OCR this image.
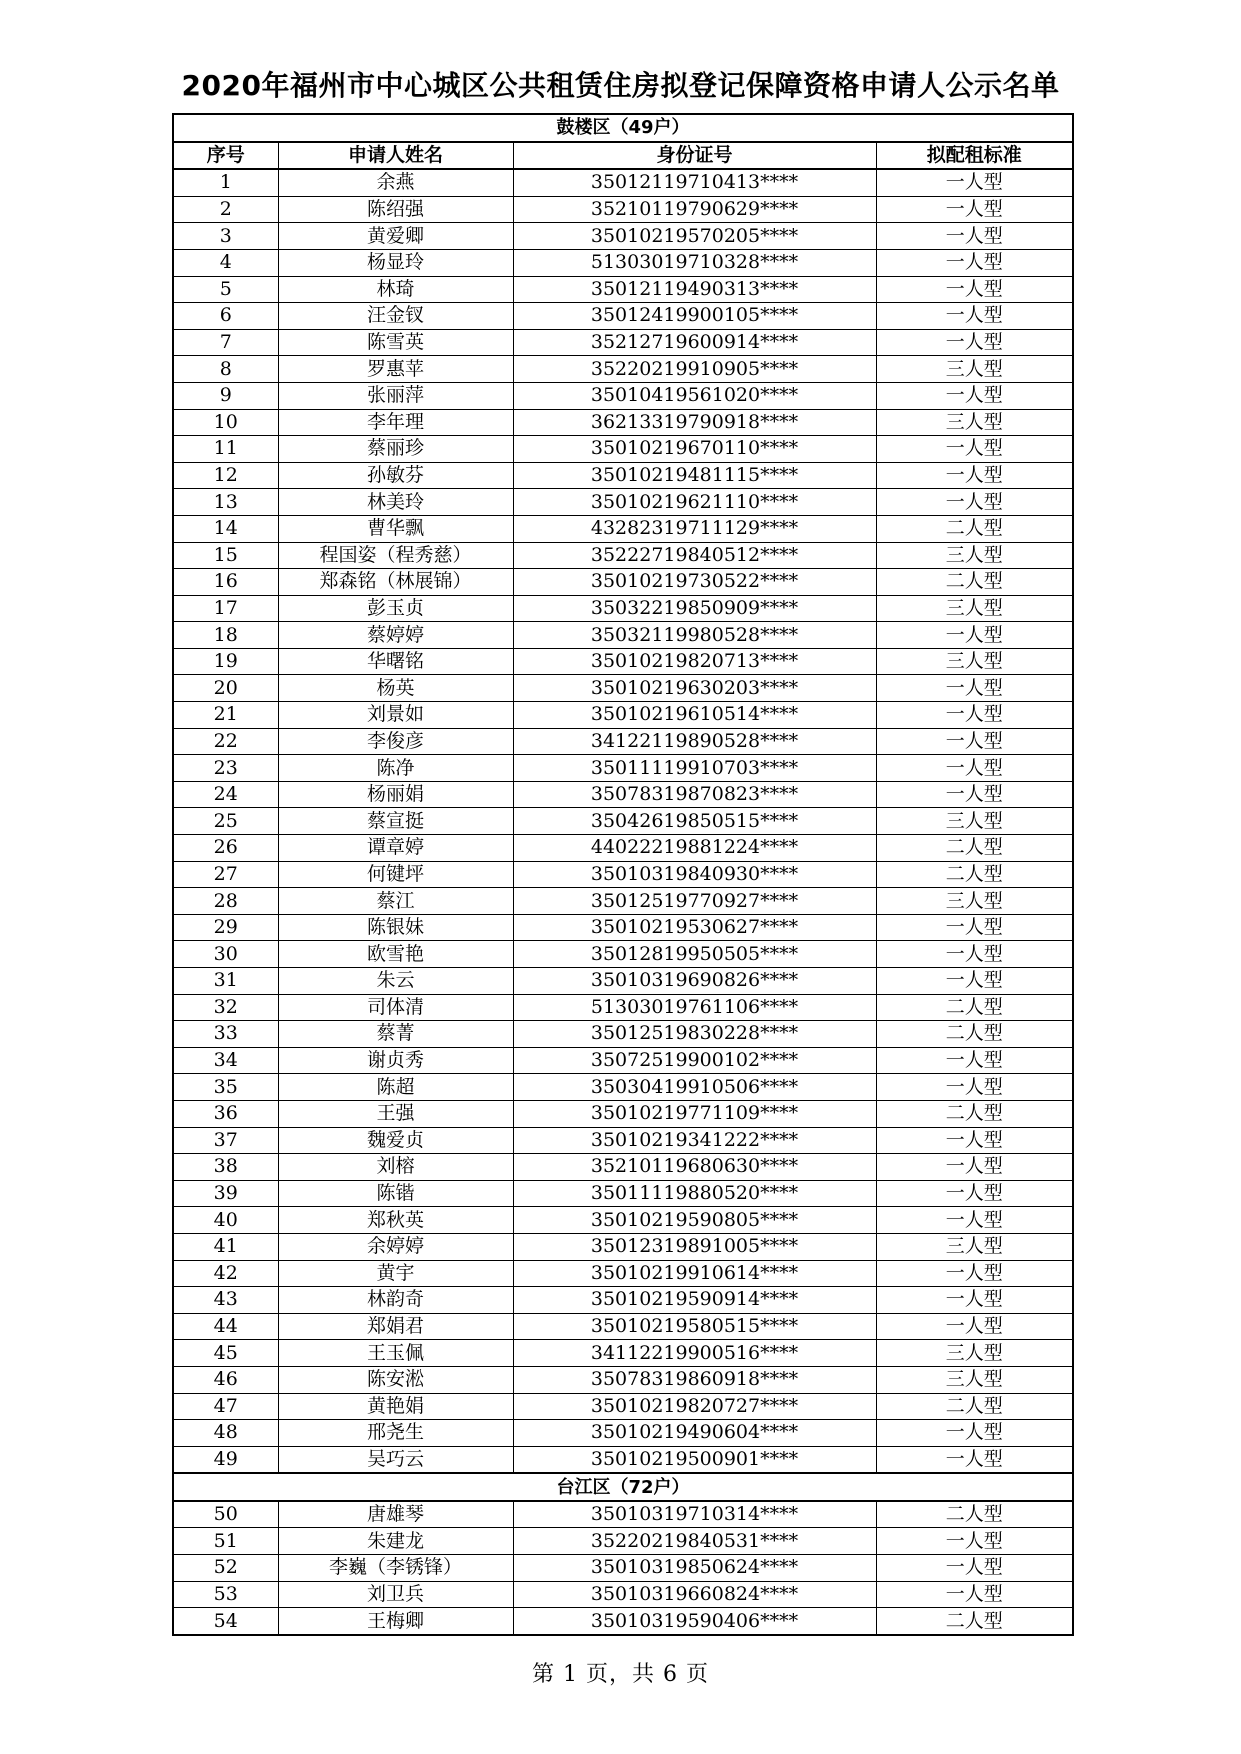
2020年福州市中心城区公共租赁住房拟登记保障资格申请人公示名单
鼓楼区（49户）			
序号	申请人姓名	身份证号	拟配租标准
1	余燕	35012119710413****	一人型
2	陈绍强	35210119790629****	一人型
3	黄爱卿	35010219570205****	一人型
4	杨显玲	51303019710328****	一人型
5	林琦	35012119490313****	一人型
6	汪金钗	35012419900105****	一人型
7	陈雪英	35212719600914****	一人型
8	罗惠苹	35220219910905****	三人型
9	张丽萍	35010419561020****	一人型
10	李年理	36213319790918****	三人型
11	蔡丽珍	35010219670110****	一人型
12	孙敏芬	35010219481115****	一人型
13	林美玲	35010219621110****	一人型
14	曹华飘	43282319711129****	二人型
15	程国姿（程秀慈）	35222719840512****	三人型
16	郑森铭（林展锦）	35010219730522****	二人型
17	彭玉贞	35032219850909****	三人型
18	蔡婷婷	35032119980528****	一人型
19	华曙铭	35010219820713****	三人型
20	杨英	35010219630203****	一人型
21	刘景如	35010219610514****	一人型
22	李俊彦	34122119890528****	一人型
23	陈净	35011119910703****	一人型
24	杨丽娟	35078319870823****	一人型
25	蔡宣挺	35042619850515****	三人型
26	谭章婷	44022219881224****	二人型
27	何键坪	35010319840930****	二人型
28	蔡江	35012519770927****	三人型
29	陈银妹	35010219530627****	一人型
30	欧雪艳	35012819950505****	一人型
31	朱云	35010319690826****	一人型
32	司体清	51303019761106****	二人型
33	蔡菁	35012519830228****	二人型
34	谢贞秀	35072519900102****	一人型
35	陈超	35030419910506****	一人型
36	王强	35010219771109****	二人型
37	魏爱贞	35010219341222****	一人型
38	刘榕	35210119680630****	一人型
39	陈锴	35011119880520****	一人型
40	郑秋英	35010219590805****	一人型
41	余婷婷	35012319891005****	三人型
42	黄宇	35010219910614****	一人型
43	林韵奇	35010219590914****	一人型
44	郑娟君	35010219580515****	一人型
45	王玉佩	34112219900516****	三人型
46	陈安淞	35078319860918****	三人型
47	黄艳娟	35010219820727****	二人型
48	邢尧生	35010219490604****	一人型
49	吴巧云	35010219500901****	一人型
台江区（72户）			
50	唐雄琴	35010319710314****	二人型
51	朱建龙	35220219840531****	一人型
52	李巍（李锈锋）	35010319850624****	一人型
53	刘卫兵	35010319660824****	一人型
54	王梅卿	35010319590406****	二人型
第 1 页，共 6 页
